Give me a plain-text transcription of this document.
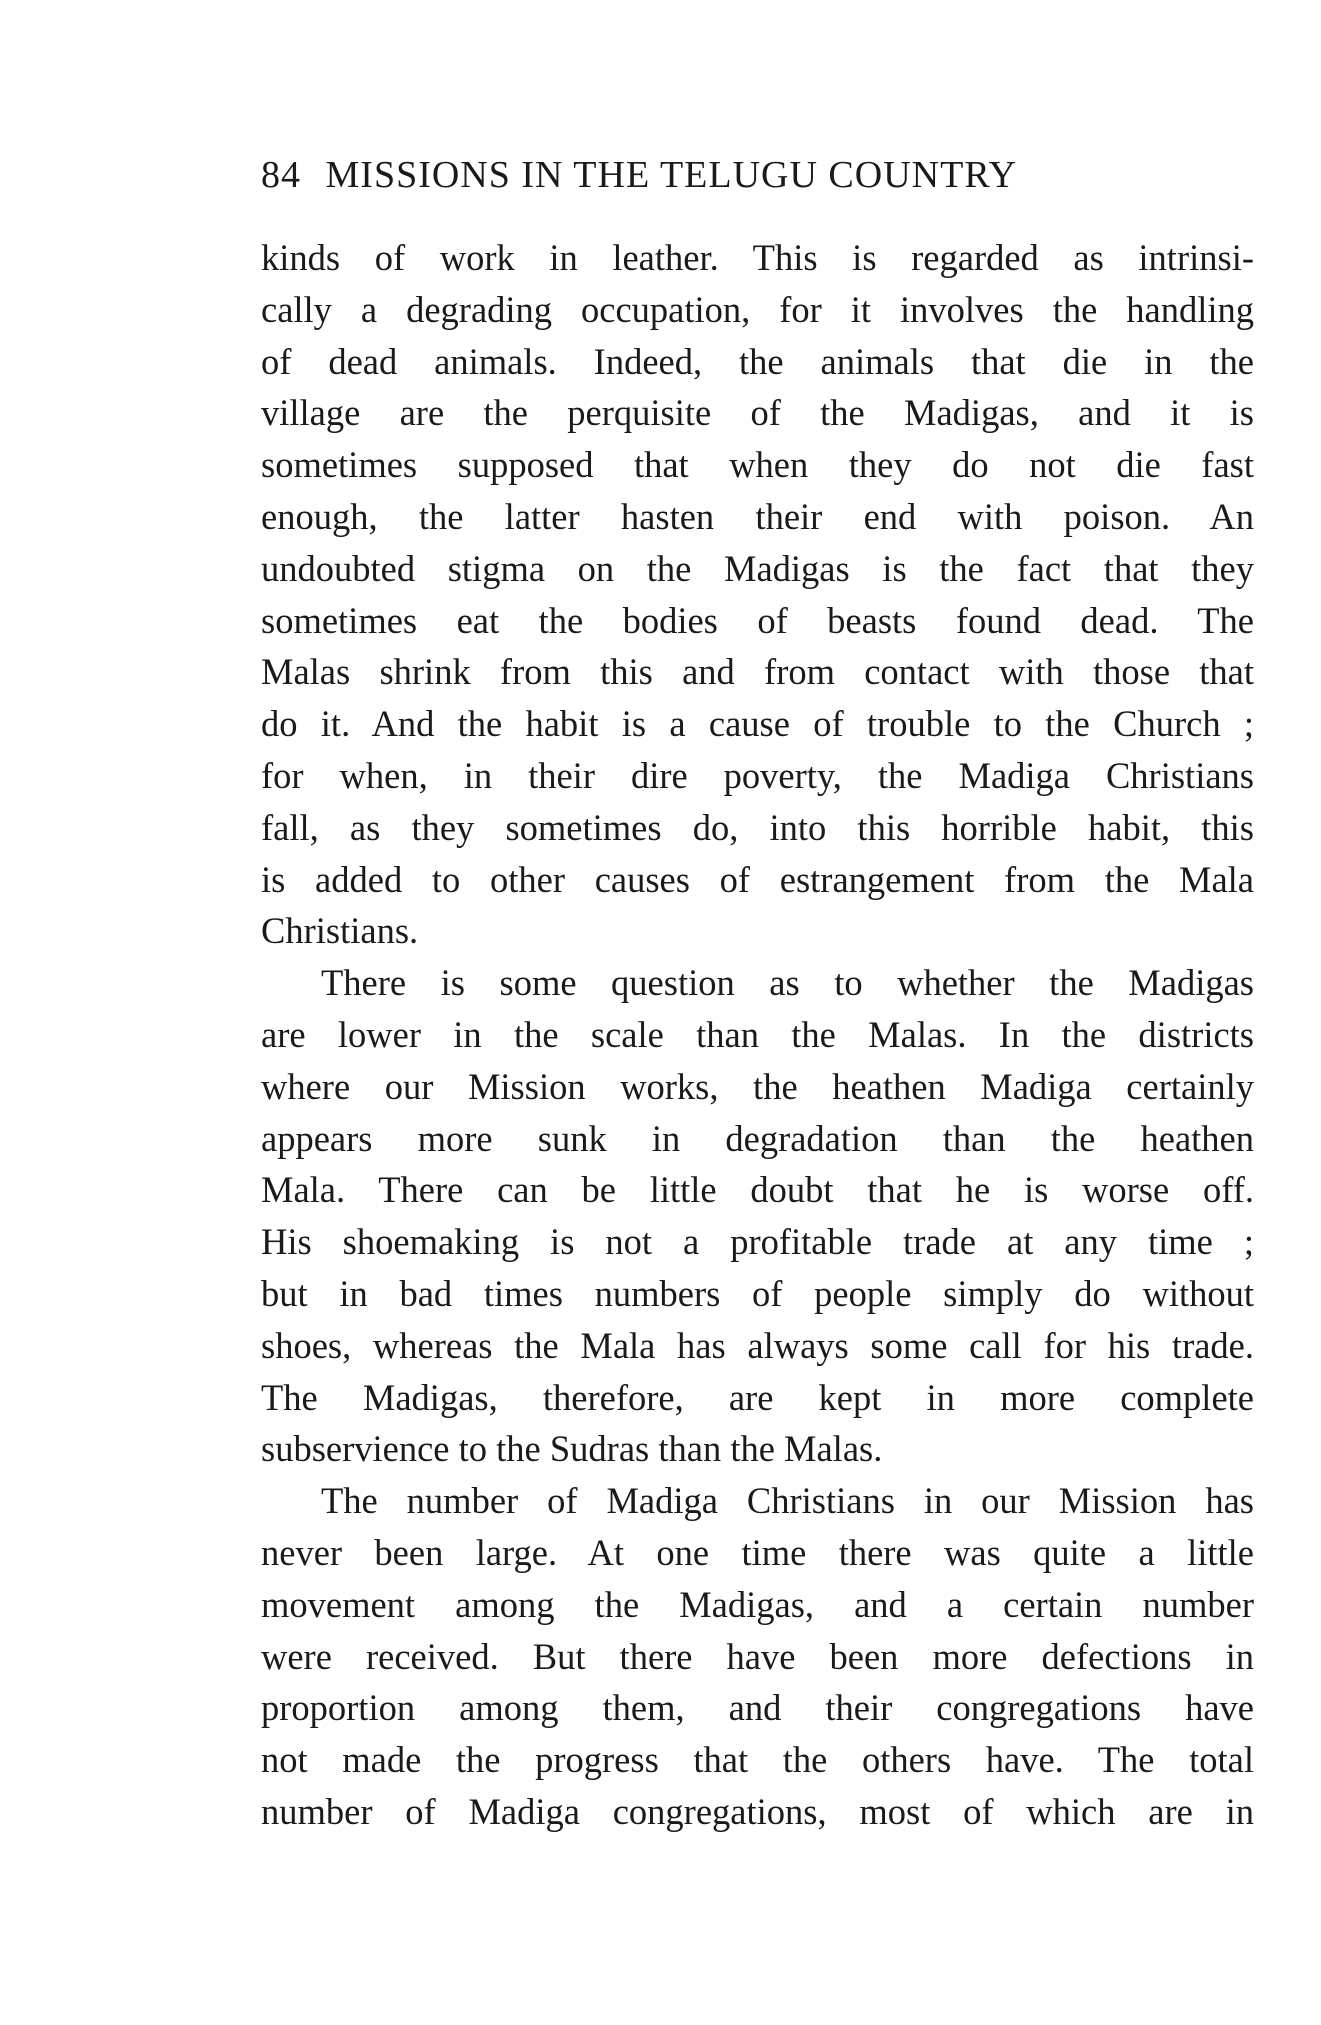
84 MISSIONS IN THE TELUGU COUNTRY
kinds of work in leather. This is regarded as intrinsi-
cally a degrading occupation, for it involves the handling
of dead animals. Indeed, the animals that die in the
village are the perquisite of the Madigas, and it is
sometimes supposed that when they do not die fast
enough, the latter hasten their end with poison. An
undoubted stigma on the Madigas is the fact that they
sometimes eat the bodies of beasts found dead. The
Malas shrink from this and from contact with those that
do it. And the habit is a cause of trouble to the Church ;
for when, in their dire poverty, the Madiga Christians
fall, as they sometimes do, into this horrible habit, this
is added to other causes of estrangement from the Mala
Christians.
There is some question as to whether the Madigas
are lower in the scale than the Malas. In the districts
where our Mission works, the heathen Madiga certainly
appears more sunk in degradation than the heathen
Mala. There can be little doubt that he is worse off.
His shoemaking is not a profitable trade at any time ;
but in bad times numbers of people simply do without
shoes, whereas the Mala has always some call for his trade.
The Madigas, therefore, are kept in more complete
subservience to the Sudras than the Malas.
The number of Madiga Christians in our Mission has
never been large. At one time there was quite a little
movement among the Madigas, and a certain number
were received. But there have been more defections in
proportion among them, and their congregations have
not made the progress that the others have. The total
number of Madiga congregations, most of which are in
